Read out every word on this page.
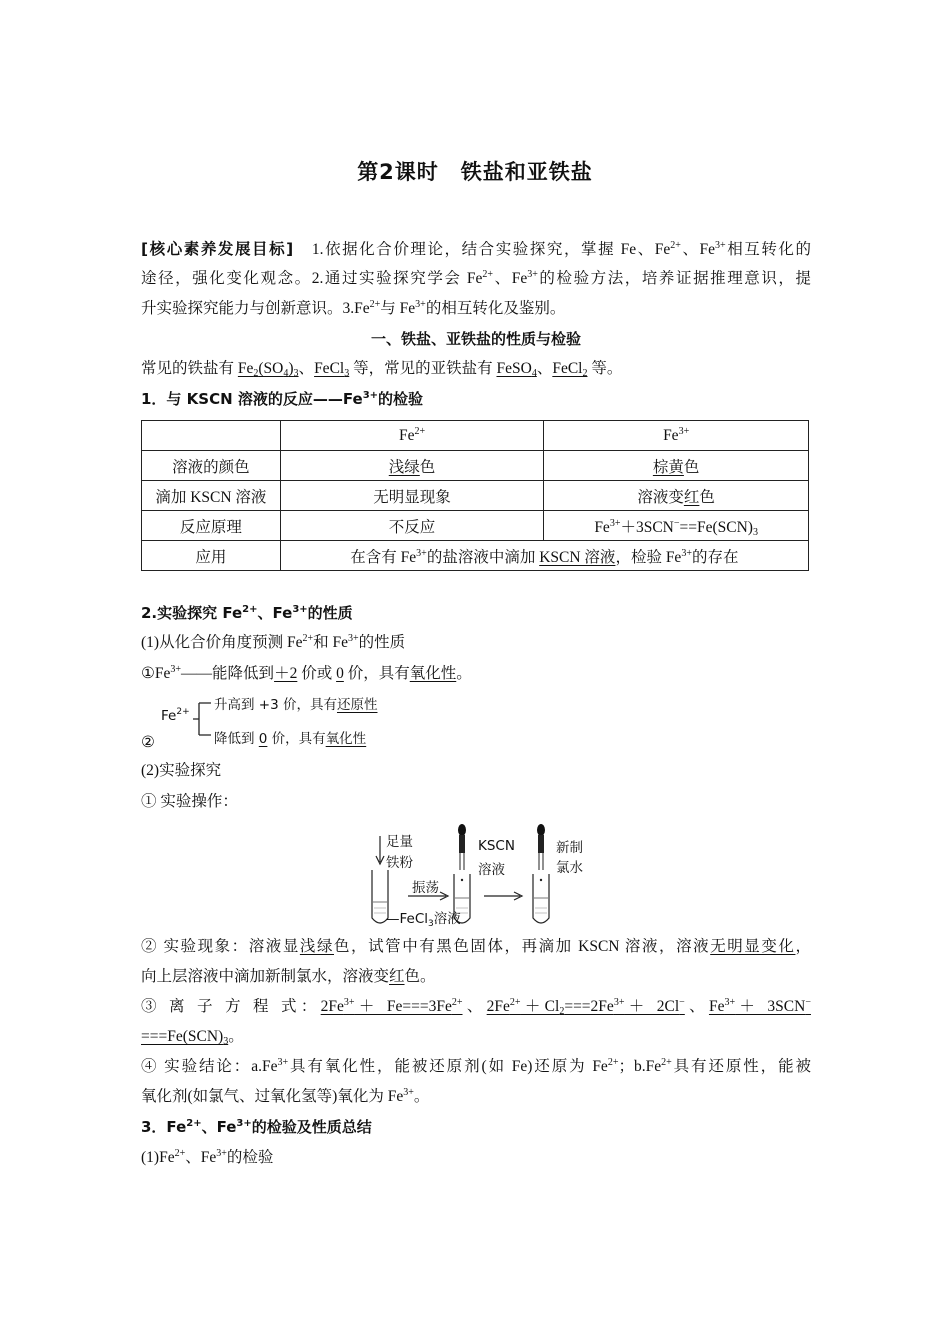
第2课时　铁盐和亚铁盐
[核心素养发展目标]　1.依据化合价理论，结合实验探究，掌握 Fe、$Fe^{2+}$、$Fe^{3+}$相互转化的
途径，强化变化观念。2.通过实验探究学会 $Fe^{2+}$、$Fe^{3+}$的检验方法，培养证据推理意识，提
升实验探究能力与创新意识。$3.Fe^{2+}$与 $Fe^{3+}$的相互转化及鉴别。
一、铁盐、亚铁盐的性质与检验
常见的铁盐有 $Fe_2(SO_4)_3$、FeCl$_3$ 等，常见的亚铁盐有 FeSO$_4$、FeCl$_2$ 等。
1．与 KSCN 溶液的反应$——Fe^{3+}$的检验
	$Fe^{2+}$	$Fe^{3+}$
溶液的颜色	浅绿色	棕黄色
滴加 KSCN 溶液	无明显现象	溶液变红色
反应原理	不反应	$Fe^{3+}+3SCN^-==Fe(SCN)_3$
应用	在含有 $Fe^{3+}$的盐溶液中滴加 KSCN 溶液，检验 $Fe^{3+}$的存在	
2.实验探究 $Fe^{2+}$、$Fe^{3+}$的性质
(1)从化合价角度预测 $Fe^{2+}$和 $Fe^{3+}$的性质
$①Fe^{3+}——$能降低到＋2 价或 0 价，具有氧化性。
②
$Fe^{2+}$ 升高到 +3 价，具有还原性
降低到 0 价，具有氧化性
(2)实验探究
① 实验操作：
足量
铁粉
振荡
—FeCl$_3$溶液
KSCN
溶液
新制
氯水
② 实验现象：溶液显浅绿色，试管中有黑色固体，再滴加 KSCN 溶液，溶液无明显变化，
向上层溶液中滴加新制氯水，溶液变红色。
③ 离 子 方 程 式：$2Fe^{3+}+ Fe===3Fe^{2+}$、$2Fe^{2+}+Cl_2===2Fe^{3+}+ 2Cl^-$、$Fe^{3+}+ 3SCN^-$
$===Fe(SCN)_3$。
④ 实验结论：$a.Fe^{3+}$具有氧化性，能被还原剂(如 Fe)还原为 $Fe^{2+}$；$b.Fe^{2+}$具有还原性，能被
氧化剂(如氯气、过氧化氢等)氧化为 $Fe^{3+}$。
3．$Fe^{2+}$、$Fe^{3+}$的检验及性质总结
$(1)Fe^{2+}$、$Fe^{3+}$的检验
